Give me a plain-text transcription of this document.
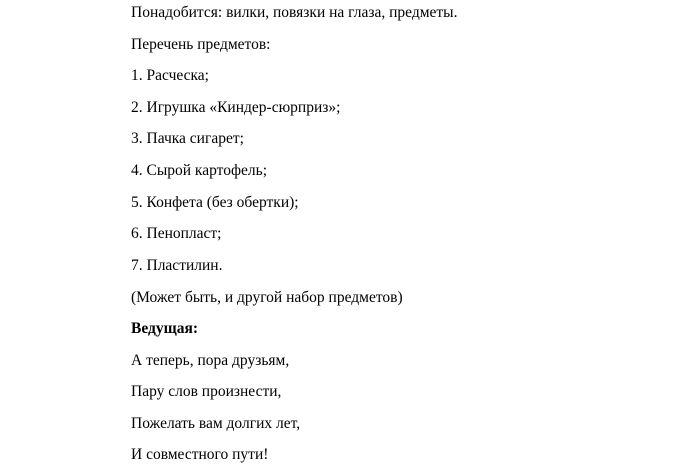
Понадобится: вилки, повязки на глаза, предметы.
Перечень предметов:
1. Расческа;
2. Игрушка «Киндер-сюрприз»;
3. Пачка сигарет;
4. Сырой картофель;
5. Конфета (без обертки);
6. Пенопласт;
7. Пластилин.
(Может быть, и другой набор предметов)
Ведущая:
А теперь, пора друзьям,
Пару слов произнести,
Пожелать вам долгих лет,
И совместного пути!
